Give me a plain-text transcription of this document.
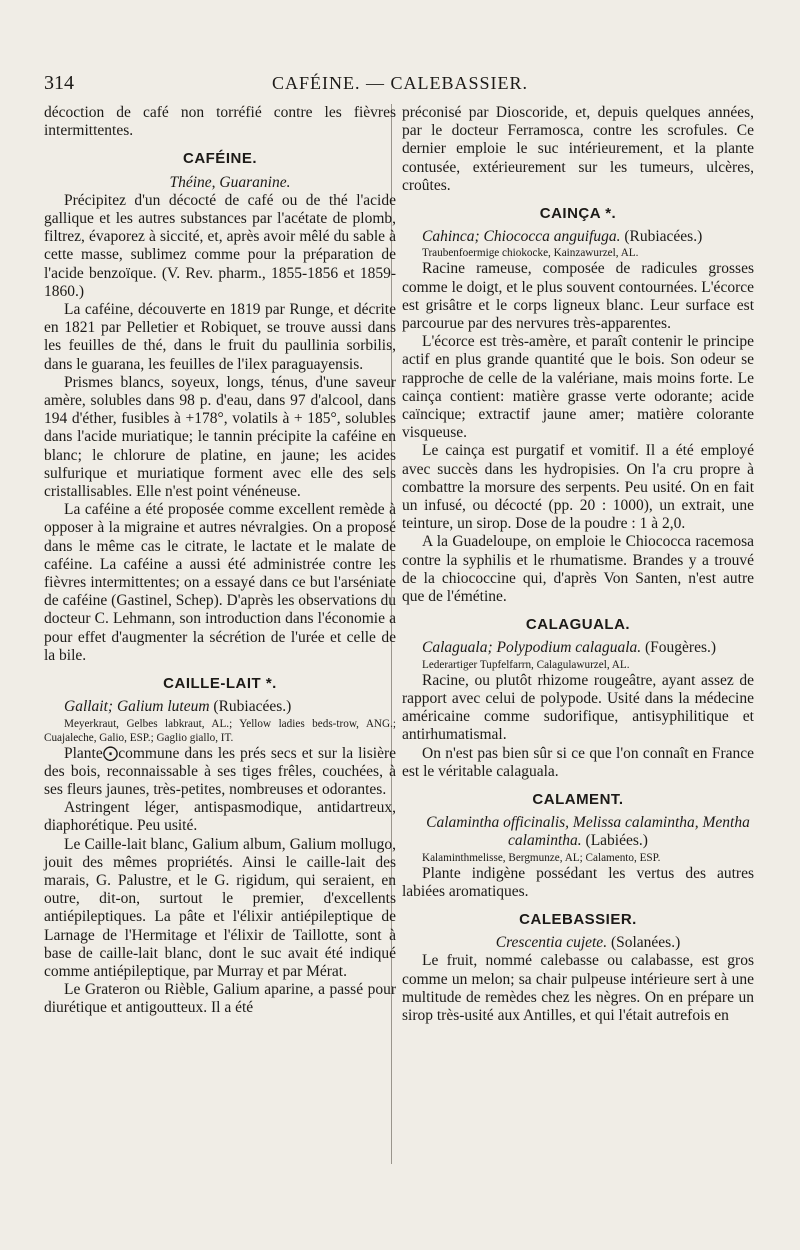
314	CAFÉINE. — CALEBASSIER.

décoction de café non torréfié contre les fièvres intermittentes.

CAFÉINE.

Théine, Guaranine.

Précipitez d'un décocté de café ou de thé l'acide gallique et les autres substances par l'acétate de plomb, filtrez, évaporez à siccité, et, après avoir mêlé du sable à cette masse, sublimez comme pour la préparation de l'acide benzoïque. (V. Rev. pharm., 1855-1856 et 1859-1860.)

La caféine, découverte en 1819 par Runge, et décrite en 1821 par Pelletier et Robiquet, se trouve aussi dans les feuilles de thé, dans le fruit du paullinia sorbilis, dans le guarana, les feuilles de l'ilex paraguayensis.

Prismes blancs, soyeux, longs, ténus, d'une saveur amère, solubles dans 98 p. d'eau, dans 97 d'alcool, dans 194 d'éther, fusibles à +178°, volatils à + 185°, solubles dans l'acide muriatique; le tannin précipite la caféine en blanc; le chlorure de platine, en jaune; les acides sulfurique et muriatique forment avec elle des sels cristallisables. Elle n'est point vénéneuse.

La caféine a été proposée comme excellent remède à opposer à la migraine et autres névralgies. On a proposé dans le même cas le citrate, le lactate et le malate de caféine. La caféine a aussi été administrée contre les fièvres intermittentes; on a essayé dans ce but l'arséniate de caféine (Gastinel, Schep). D'après les observations du docteur C. Lehmann, son introduction dans l'économie a pour effet d'augmenter la sécrétion de l'urée et celle de la bile.

CAILLE-LAIT *.

Gallait; Galium luteum (Rubiacées.)

Meyerkraut, Gelbes labkraut, AL.; Yellow ladies beds-trow, ANG.; Cuajaleche, Galio, ESP.; Gaglio giallo, IT.

Plante⨀commune dans les prés secs et sur la lisière des bois, reconnaissable à ses tiges frêles, couchées, à ses fleurs jaunes, très-petites, nombreuses et odorantes.

Astringent léger, antispasmodique, antidartreux, diaphorétique. Peu usité.

Le Caille-lait blanc, Galium album, Galium mollugo, jouit des mêmes propriétés. Ainsi le caille-lait des marais, G. Palustre, et le G. rigidum, qui seraient, en outre, dit-on, surtout le premier, d'excellents antiépileptiques. La pâte et l'élixir antiépileptique de Larnage de l'Hermitage et l'élixir de Taillotte, sont à base de caille-lait blanc, dont le suc avait été indiqué comme antiépileptique, par Murray et par Mérat.

Le Grateron ou Rièble, Galium aparine, a passé pour diurétique et antigoutteux. Il a été

préconisé par Dioscoride, et, depuis quelques années, par le docteur Ferramosca, contre les scrofules. Ce dernier emploie le suc intérieurement, et la plante contusée, extérieurement sur les tumeurs, ulcères, croûtes.

CAINÇA *.

Cahinca; Chiococca anguifuga. (Rubiacées.)

Traubenfoermige chiokocke, Kainzawurzel, AL.

Racine rameuse, composée de radicules grosses comme le doigt, et le plus souvent contournées. L'écorce est grisâtre et le corps ligneux blanc. Leur surface est parcourue par des nervures très-apparentes.

L'écorce est très-amère, et paraît contenir le principe actif en plus grande quantité que le bois. Son odeur se rapproche de celle de la valériane, mais moins forte. Le cainça contient: matière grasse verte odorante; acide caïncique; extractif jaune amer; matière colorante visqueuse.

Le cainça est purgatif et vomitif. Il a été employé avec succès dans les hydropisies. On l'a cru propre à combattre la morsure des serpents. Peu usité. On en fait un infusé, ou décocté (pp. 20 : 1000), un extrait, une teinture, un sirop. Dose de la poudre : 1 à 2,0.

A la Guadeloupe, on emploie le Chiococca racemosa contre la syphilis et le rhumatisme. Brandes y a trouvé de la chiococcine qui, d'après Von Santen, n'est autre que de l'émétine.

CALAGUALA.

Calaguala; Polypodium calaguala. (Fougères.)

Lederartiger Tupfelfarrn, Calagulawurzel, AL.

Racine, ou plutôt rhizome rougeâtre, ayant assez de rapport avec celui de polypode. Usité dans la médecine américaine comme sudorifique, antisyphilitique et antirhumatismal.

On n'est pas bien sûr si ce que l'on connaît en France est le véritable calaguala.

CALAMENT.

Calaminthа officinalis, Melissa calamintha, Mentha calamintha. (Labiées.)

Kalaminthmelisse, Bergmunze, AL; Calamento, ESP.

Plante indigène possédant les vertus des autres labiées aromatiques.

CALEBASSIER.

Crescentia cujete. (Solanées.)

Le fruit, nommé calebasse ou calabasse, est gros comme un melon; sa chair pulpeuse intérieure sert à une multitude de remèdes chez les nègres. On en prépare un sirop très-usité aux Antilles, et qui l'était autrefois en
